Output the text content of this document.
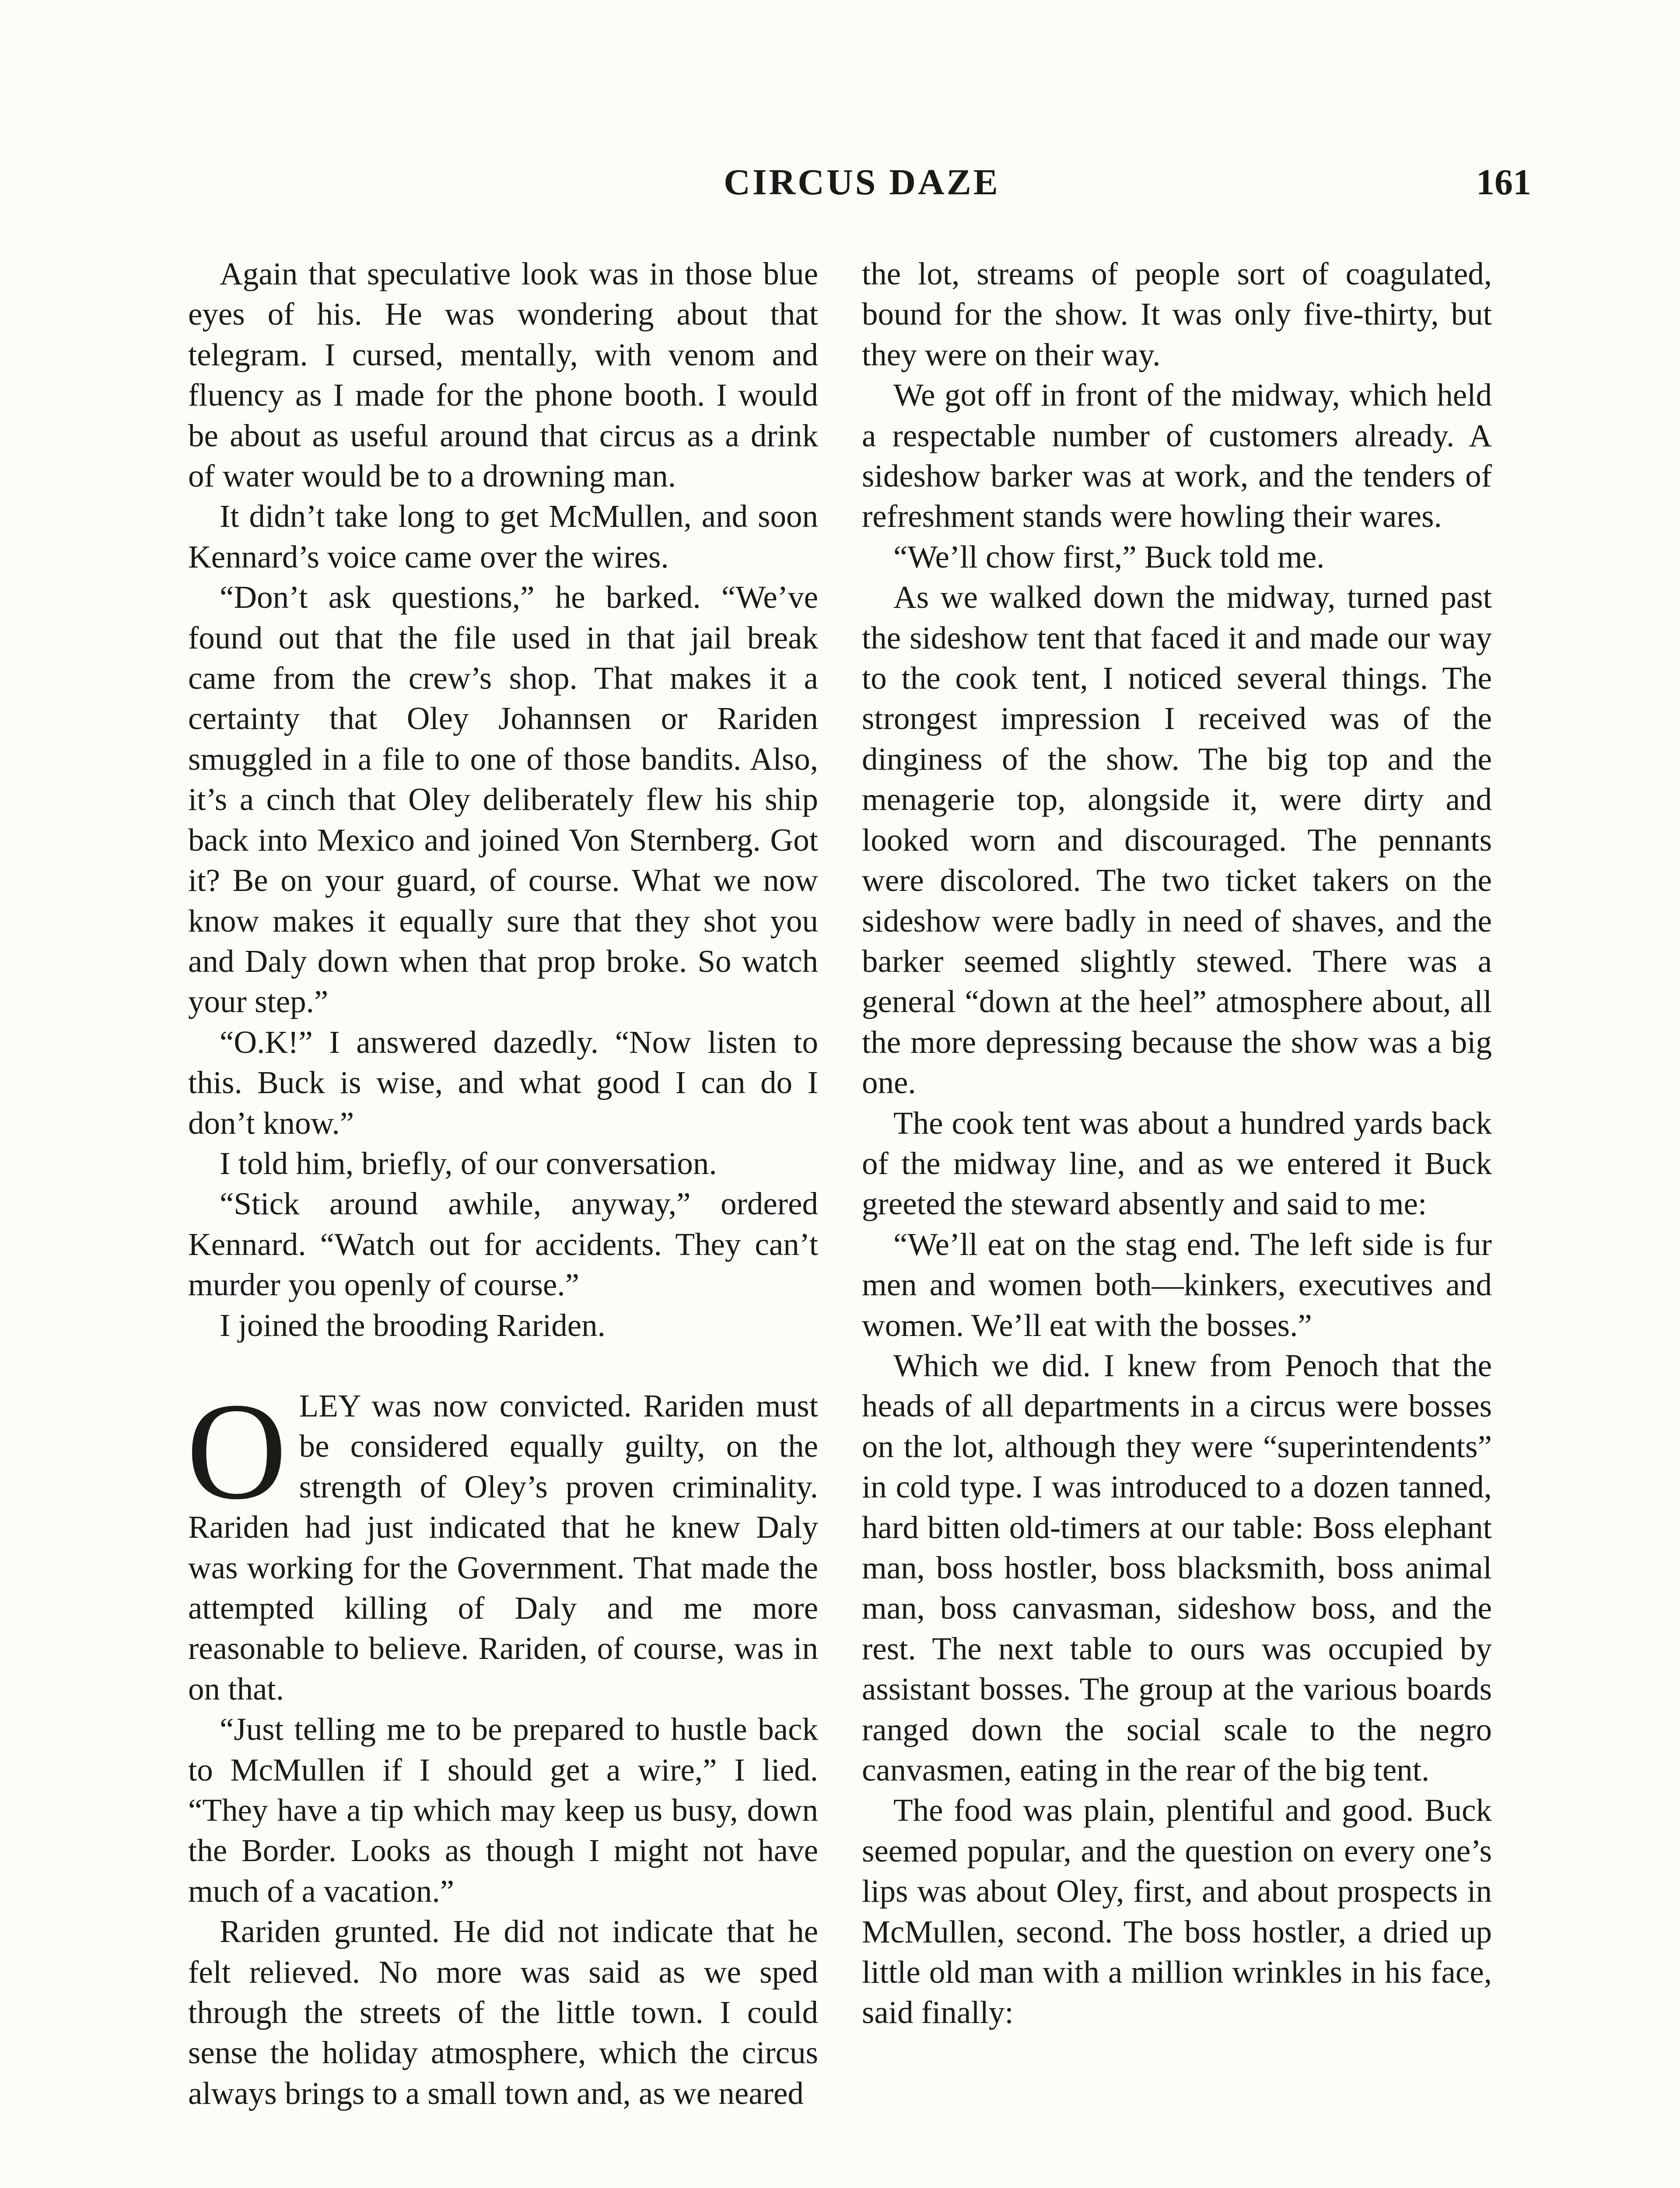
CIRCUS DAZE	161

Again that speculative look was in those blue eyes of his. He was wondering about that telegram. I cursed, mentally, with venom and fluency as I made for the phone booth. I would be about as useful around that circus as a drink of water would be to a drowning man.

It didn’t take long to get McMullen, and soon Kennard’s voice came over the wires.

“Don’t ask questions,” he barked. “We’ve found out that the file used in that jail break came from the crew’s shop. That makes it a certainty that Oley Johannsen or Rariden smuggled in a file to one of those bandits. Also, it’s a cinch that Oley deliberately flew his ship back into Mexico and joined Von Sternberg. Got it? Be on your guard, of course. What we now know makes it equally sure that they shot you and Daly down when that prop broke. So watch your step.”

“O.K!” I answered dazedly. “Now listen to this. Buck is wise, and what good I can do I don’t know.”

I told him, briefly, of our conversation.

“Stick around awhile, anyway,” ordered Kennard. “Watch out for accidents. They can’t murder you openly of course.”

I joined the brooding Rariden.

OLEY was now convicted. Rariden must be considered equally guilty, on the strength of Oley’s proven criminality. Rariden had just indicated that he knew Daly was working for the Government. That made the attempted killing of Daly and me more reasonable to believe. Rariden, of course, was in on that.

“Just telling me to be prepared to hustle back to McMullen if I should get a wire,” I lied. “They have a tip which may keep us busy, down the Border. Looks as though I might not have much of a vacation.”

Rariden grunted. He did not indicate that he felt relieved. No more was said as we sped through the streets of the little town. I could sense the holiday atmosphere, which the circus always brings to a small town and, as we neared

the lot, streams of people sort of coagulated, bound for the show. It was only five-thirty, but they were on their way.

We got off in front of the midway, which held a respectable number of customers already. A sideshow barker was at work, and the tenders of refreshment stands were howling their wares.

“We’ll chow first,” Buck told me.

As we walked down the midway, turned past the sideshow tent that faced it and made our way to the cook tent, I noticed several things. The strongest impression I received was of the dinginess of the show. The big top and the menagerie top, alongside it, were dirty and looked worn and discouraged. The pennants were discolored. The two ticket takers on the sideshow were badly in need of shaves, and the barker seemed slightly stewed. There was a general “down at the heel” atmosphere about, all the more depressing because the show was a big one.

The cook tent was about a hundred yards back of the midway line, and as we entered it Buck greeted the steward absently and said to me:

“We’ll eat on the stag end. The left side is fur men and women both—kinkers, executives and women. We’ll eat with the bosses.”

Which we did. I knew from Penoch that the heads of all departments in a circus were bosses on the lot, although they were “superintendents” in cold type. I was introduced to a dozen tanned, hard bitten old-timers at our table: Boss elephant man, boss hostler, boss blacksmith, boss animal man, boss canvasman, sideshow boss, and the rest. The next table to ours was occupied by assistant bosses. The group at the various boards ranged down the social scale to the negro canvasmen, eating in the rear of the big tent.

The food was plain, plentiful and good. Buck seemed popular, and the question on every one’s lips was about Oley, first, and about prospects in McMullen, second. The boss hostler, a dried up little old man with a million wrinkles in his face, said finally:
